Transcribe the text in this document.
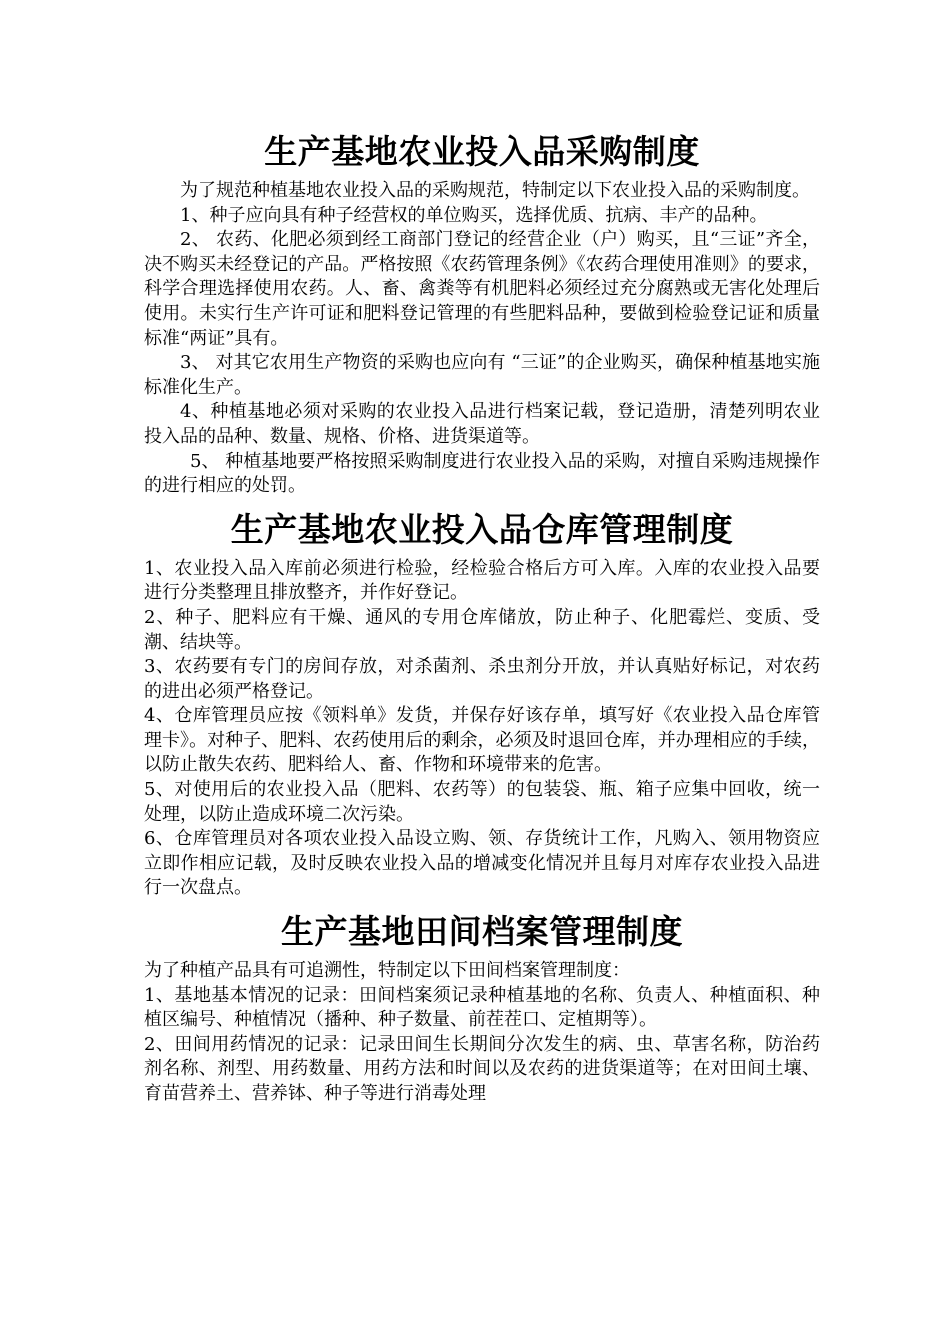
生产基地农业投入品采购制度

为了规范种植基地农业投入品的采购规范，特制定以下农业投入品的采购制度。

1、种子应向具有种子经营权的单位购买，选择优质、抗病、丰产的品种。

2、 农药、化肥必须到经工商部门登记的经营企业（户）购买，且“三证”齐全，决不购买未经登记的产品。严格按照《农药管理条例》《农药合理使用准则》的要求，科学合理选择使用农药。人、畜、禽粪等有机肥料必须经过充分腐熟或无害化处理后使用。未实行生产许可证和肥料登记管理的有些肥料品种，要做到检验登记证和质量标准“两证”具有。

3、 对其它农用生产物资的采购也应向有 “三证”的企业购买，确保种植基地实施标准化生产。

4、种植基地必须对采购的农业投入品进行档案记载，登记造册，清楚列明农业投入品的品种、数量、规格、价格、进货渠道等。

5、 种植基地要严格按照采购制度进行农业投入品的采购，对擅自采购违规操作的进行相应的处罚。

生产基地农业投入品仓库管理制度

1、农业投入品入库前必须进行检验，经检验合格后方可入库。入库的农业投入品要进行分类整理且排放整齐，并作好登记。

2、种子、肥料应有干燥、通风的专用仓库储放，防止种子、化肥霉烂、变质、受潮、结块等。

3、农药要有专门的房间存放，对杀菌剂、杀虫剂分开放，并认真贴好标记，对农药的进出必须严格登记。

4、仓库管理员应按《领料单》发货，并保存好该存单，填写好《农业投入品仓库管理卡》。对种子、肥料、农药使用后的剩余，必须及时退回仓库，并办理相应的手续，以防止散失农药、肥料给人、畜、作物和环境带来的危害。

5、对使用后的农业投入品（肥料、农药等）的包装袋、瓶、箱子应集中回收，统一处理，以防止造成环境二次污染。

6、仓库管理员对各项农业投入品设立购、领、存货统计工作，凡购入、领用物资应立即作相应记载，及时反映农业投入品的增减变化情况并且每月对库存农业投入品进行一次盘点。

生产基地田间档案管理制度

为了种植产品具有可追溯性，特制定以下田间档案管理制度：

1、基地基本情况的记录：田间档案须记录种植基地的名称、负责人、种植面积、种植区编号、种植情况（播种、种子数量、前茬茬口、定植期等）。

2、田间用药情况的记录：记录田间生长期间分次发生的病、虫、草害名称，防治药剂名称、剂型、用药数量、用药方法和时间以及农药的进货渠道等；在对田间土壤、育苗营养土、营养钵、种子等进行消毒处理
